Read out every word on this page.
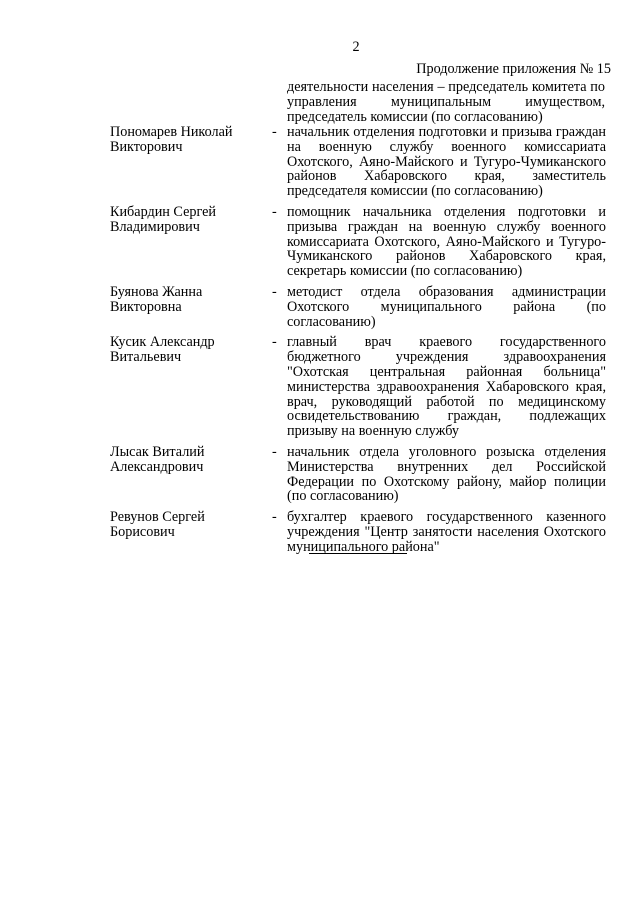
2
Продолжение приложения № 15
деятельности населения – председатель комитета по управления муниципальным имуществом, председатель комиссии (по согласованию)
Пономарев Николай
Викторович
- начальник отделения подготовки и призыва граждан на военную службу военного комиссариата Охотского, Аяно-Майского и Тугуро-Чумиканского районов Хабаровского края, заместитель председателя комиссии (по согласованию)
Кибардин Сергей
Владимирович
- помощник начальника отделения подготовки и призыва граждан на военную службу военного комиссариата Охотского, Аяно-Майского и Тугуро-Чумиканского районов Хабаровского края, секретарь комиссии (по согласованию)
Буянова Жанна
Викторовна
- методист отдела образования администрации Охотского муниципального района (по согласованию)
Кусик Александр
Витальевич
- главный врач краевого государственного бюджетного учреждения здравоохранения "Охотская центральная районная больница" министерства здравоохранения Хабаровского края, врач, руководящий работой по медицинскому освидетельствованию граждан, подлежащих призыву на военную службу
Лысак Виталий
Александрович
- начальник отдела уголовного розыска отделения Министерства внутренних дел Российской Федерации по Охотскому району, майор полиции (по согласованию)
Ревунов Сергей
Борисович
- бухгалтер краевого государственного казенного учреждения "Центр занятости населения Охотского муниципального района"
